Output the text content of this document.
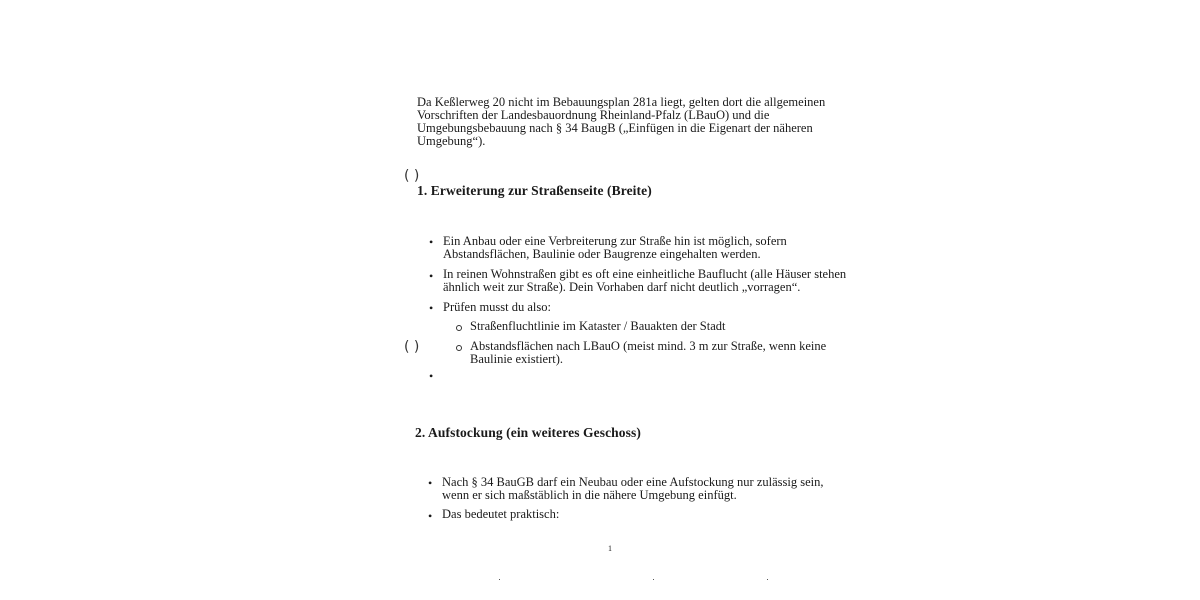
Da Keßlerweg 20 nicht im Bebauungsplan 281a liegt, gelten dort die allgemeinen
Vorschriften der Landesbauordnung Rheinland-Pfalz (LBauO) und die
Umgebungsbebauung nach § 34 BaugB („Einfügen in die Eigenart der näheren
Umgebung“).
( )
1. Erweiterung zur Straßenseite (Breite)
• Ein Anbau oder eine Verbreiterung zur Straße hin ist möglich, sofern
Abstandsflächen, Baulinie oder Baugrenze eingehalten werden.
• In reinen Wohnstraßen gibt es oft eine einheitliche Bauflucht (alle Häuser stehen
ähnlich weit zur Straße). Dein Vorhaben darf nicht deutlich „vorragen“.
• Prüfen musst du also:
Straßenfluchtlinie im Kataster / Bauakten der Stadt
Abstandsflächen nach LBauO (meist mind. 3 m zur Straße, wenn keine
Baulinie existiert).
( )
•
2. Aufstockung (ein weiteres Geschoss)
• Nach § 34 BauGB darf ein Neubau oder eine Aufstockung nur zulässig sein,
wenn er sich maßstäblich in die nähere Umgebung einfügt.
• Das bedeutet praktisch:
1
